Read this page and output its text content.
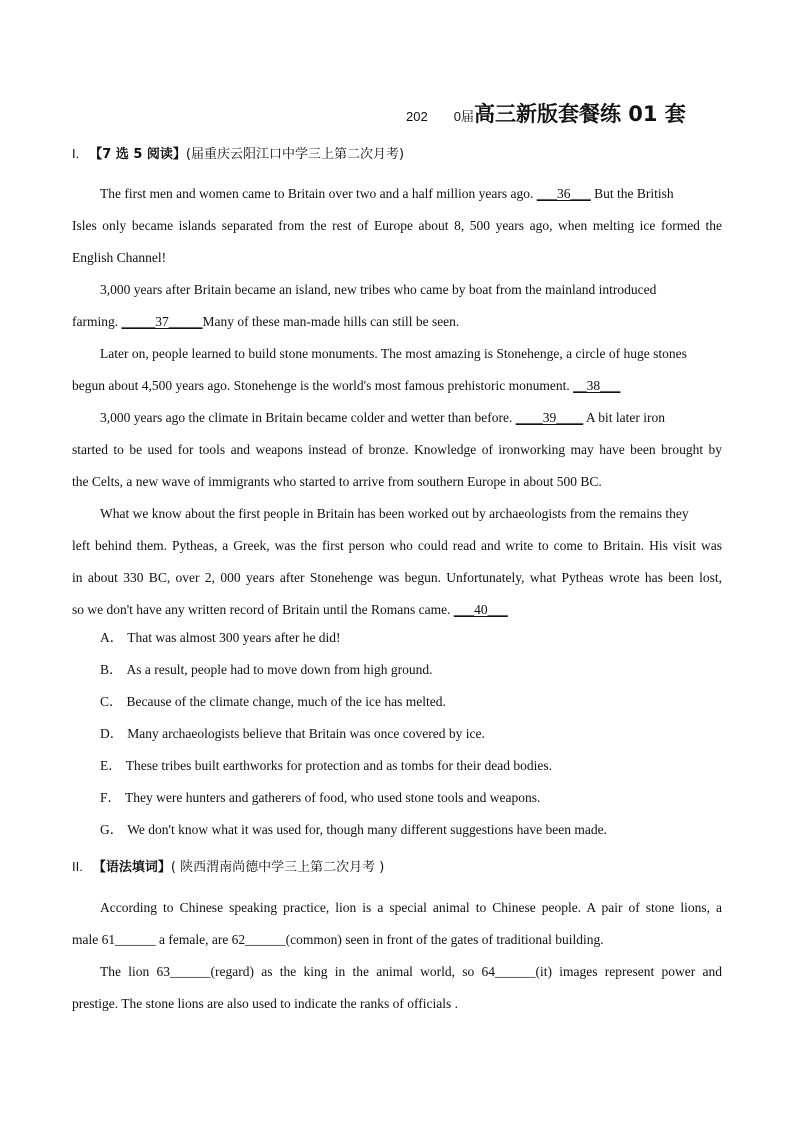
202 0 届 高三新版套餐练 01 套
I. 【7 选 5 阅读】(届重庆云阳江口中学三上第二次月考)
The first men and women came to Britain over two and a half million years ago. ___36___ But the British
Isles only became islands separated from the rest of Europe about 8, 500 years ago, when melting ice formed the
English Channel!
3,000 years after Britain became an island, new tribes who came by boat from the mainland introduced
farming. _____37_____Many of these man-made hills can still be seen.
Later on, people learned to build stone monuments. The most amazing is Stonehenge, a circle of huge stones
begun about 4,500 years ago. Stonehenge is the world's most famous prehistoric monument. __38___
3,000 years ago the climate in Britain became colder and wetter than before. ____39____ A bit later iron
started to be used for tools and weapons instead of bronze. Knowledge of ironworking may have been brought by
the Celts, a new wave of immigrants who started to arrive from southern Europe in about 500 BC.
What we know about the first people in Britain has been worked out by archaeologists from the remains they
left behind them. Pytheas, a Greek, was the first person who could read and write to come to Britain. His visit was
in about 330 BC, over 2, 000 years after Stonehenge was begun. Unfortunately, what Pytheas wrote has been lost,
so we don't have any written record of Britain until the Romans came. ___40___
A． That was almost 300 years after he did!
B． As a result, people had to move down from high ground.
C． Because of the climate change, much of the ice has melted.
D． Many archaeologists believe that Britain was once covered by ice.
E． These tribes built earthworks for protection and as tombs for their dead bodies.
F． They were hunters and gatherers of food, who used stone tools and weapons.
G． We don't know what it was used for, though many different suggestions have been made.
II. 【语法填词】( 陕西渭南尚德中学三上第二次月考 )
According to Chinese speaking practice, lion is a special animal to Chinese people. A pair of stone lions, a
male 61______ a female, are 62______(common) seen in front of the gates of traditional building.
The lion 63______(regard) as the king in the animal world, so 64______(it) images represent power and
prestige. The stone lions are also used to indicate the ranks of officials .
